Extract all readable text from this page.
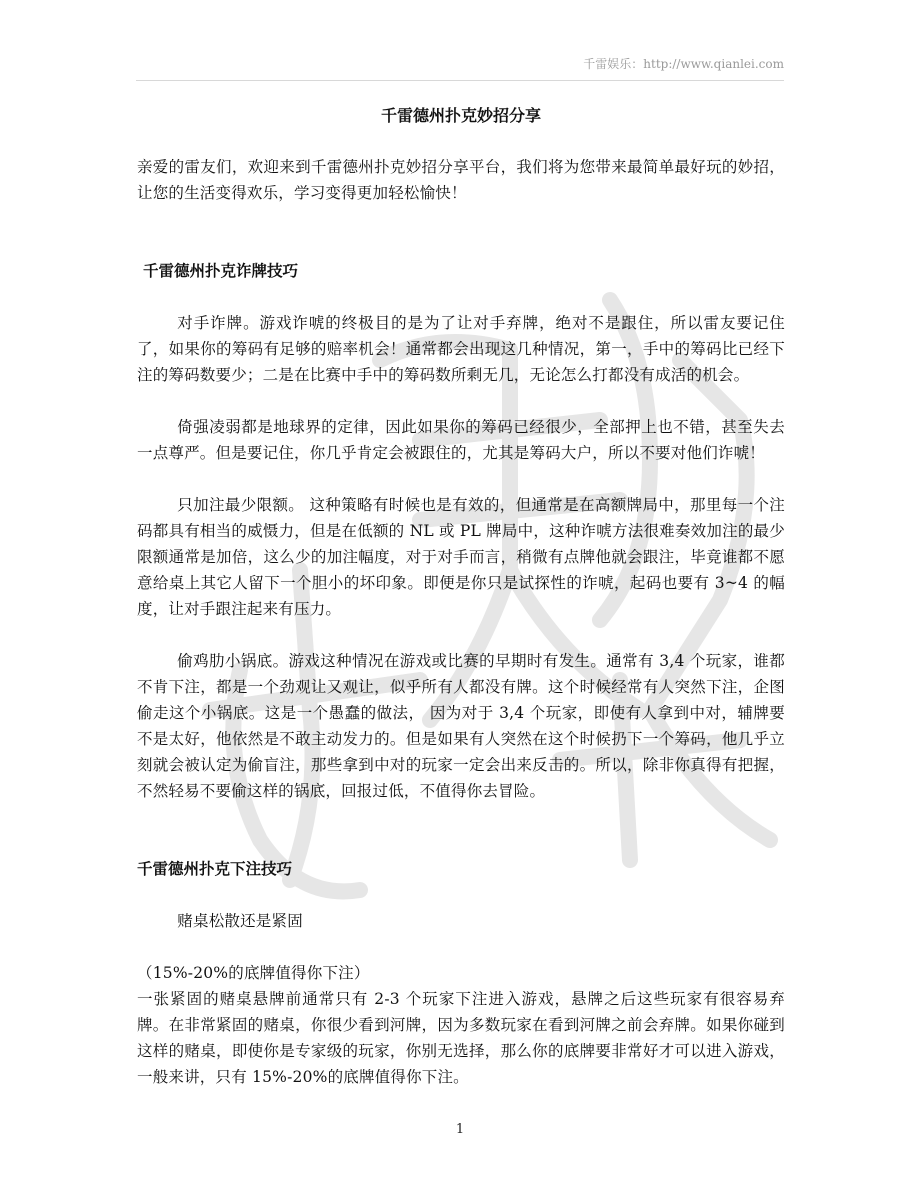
千雷娱乐：http://www.qianlei.com
千雷德州扑克妙招分享

亲爱的雷友们，欢迎来到千雷德州扑克妙招分享平台，我们将为您带来最简单最好玩的妙招，让您的生活变得欢乐，学习变得更加轻松愉快！

千雷德州扑克诈牌技巧

对手诈牌。游戏诈唬的终极目的是为了让对手弃牌，绝对不是跟住，所以雷友要记住了，如果你的筹码有足够的赔率机会！通常都会出现这几种情况，第一，手中的筹码比已经下注的筹码数要少；二是在比赛中手中的筹码数所剩无几，无论怎么打都没有成活的机会。

倚强凌弱都是地球界的定律，因此如果你的筹码已经很少，全部押上也不错，甚至失去一点尊严。但是要记住，你几乎肯定会被跟住的，尤其是筹码大户，所以不要对他们诈唬！

只加注最少限额。 这种策略有时候也是有效的，但通常是在高额牌局中，那里每一个注码都具有相当的威慑力，但是在低额的 NL 或 PL 牌局中，这种诈唬方法很难奏效加注的最少限额通常是加倍，这么少的加注幅度，对于对手而言，稍微有点牌他就会跟注，毕竟谁都不愿意给桌上其它人留下一个胆小的坏印象。即便是你只是试探性的诈唬，起码也要有 3~4 的幅度，让对手跟注起来有压力。

偷鸡肋小锅底。游戏这种情况在游戏或比赛的早期时有发生。通常有 3,4 个玩家，谁都不肯下注，都是一个劲观让又观让，似乎所有人都没有牌。这个时候经常有人突然下注，企图偷走这个小锅底。这是一个愚蠢的做法， 因为对于 3,4 个玩家，即使有人拿到中对，辅牌要不是太好，他依然是不敢主动发力的。但是如果有人突然在这个时候扔下一个筹码，他几乎立刻就会被认定为偷盲注，那些拿到中对的玩家一定会出来反击的。所以，除非你真得有把握，不然轻易不要偷这样的锅底，回报过低，不值得你去冒险。

千雷德州扑克下注技巧

赌桌松散还是紧固

（15%-20%的底牌值得你下注）

一张紧固的赌桌悬牌前通常只有 2-3 个玩家下注进入游戏，悬牌之后这些玩家有很容易弃牌。在非常紧固的赌桌，你很少看到河牌，因为多数玩家在看到河牌之前会弃牌。如果你碰到这样的赌桌，即使你是专家级的玩家，你别无选择，那么你的底牌要非常好才可以进入游戏，一般来讲，只有 15%-20%的底牌值得你下注。

1
